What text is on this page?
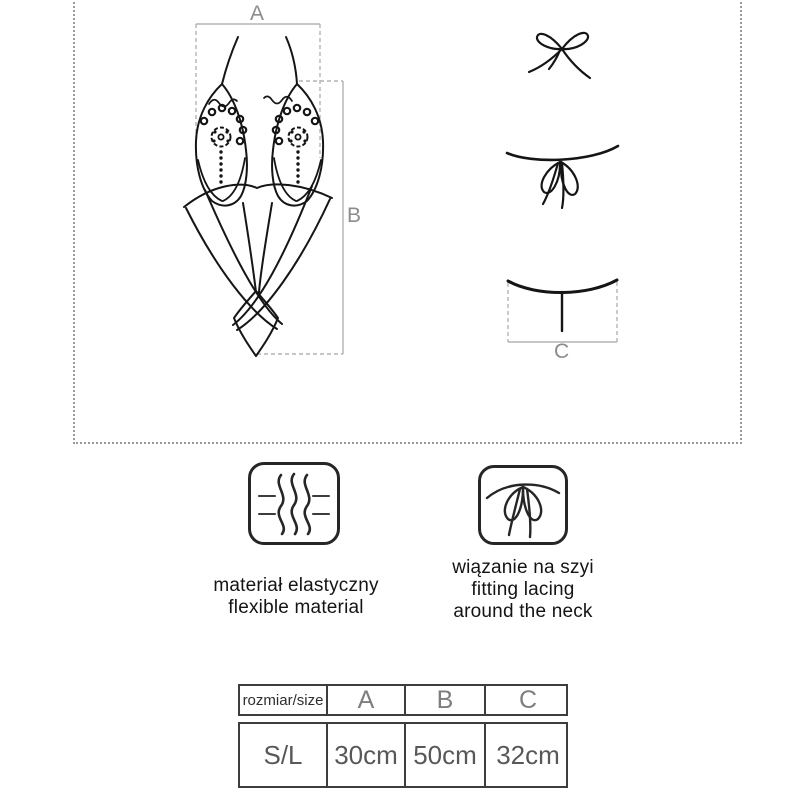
A
B
C
materiał elastyczny
flexible material
wiązanie na szyi
fitting lacing
around the neck
rozmiar/size	A	B	C
S/L	30cm 50cm 32cm
